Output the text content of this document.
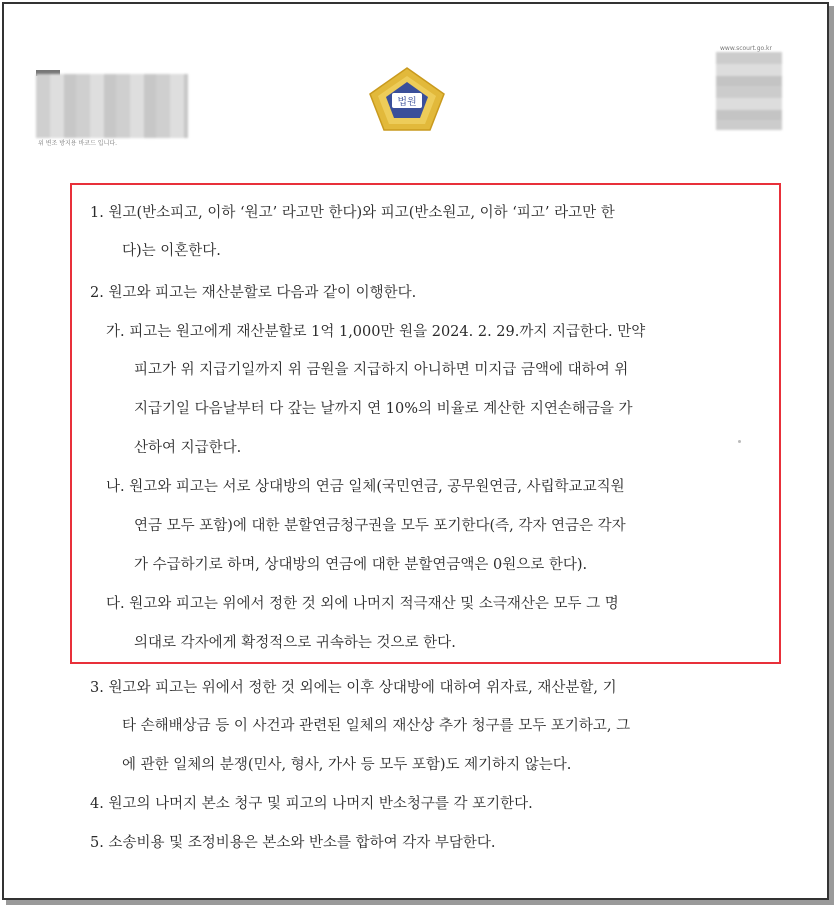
위 변조 방지용 바코드 입니다.
www.scourt.go.kr
법원
1. 원고(반소피고, 이하 ‘원고’ 라고만 한다)와 피고(반소원고, 이하 ‘피고’ 라고만 한
다)는 이혼한다.
2. 원고와 피고는 재산분할로 다음과 같이 이행한다.
가. 피고는 원고에게 재산분할로 1억 1,000만 원을 2024. 2. 29.까지 지급한다. 만약
피고가 위 지급기일까지 위 금원을 지급하지 아니하면 미지급 금액에 대하여 위
지급기일 다음날부터 다 갚는 날까지 연 10%의 비율로 계산한 지연손해금을 가
산하여 지급한다.
나. 원고와 피고는 서로 상대방의 연금 일체(국민연금, 공무원연금, 사립학교교직원
연금 모두 포함)에 대한 분할연금청구권을 모두 포기한다(즉, 각자 연금은 각자
가 수급하기로 하며, 상대방의 연금에 대한 분할연금액은 0원으로 한다).
다. 원고와 피고는 위에서 정한 것 외에 나머지 적극재산 및 소극재산은 모두 그 명
의대로 각자에게 확정적으로 귀속하는 것으로 한다.
3. 원고와 피고는 위에서 정한 것 외에는 이후 상대방에 대하여 위자료, 재산분할, 기
타 손해배상금 등 이 사건과 관련된 일체의 재산상 추가 청구를 모두 포기하고, 그
에 관한 일체의 분쟁(민사, 형사, 가사 등 모두 포함)도 제기하지 않는다.
4. 원고의 나머지 본소 청구 및 피고의 나머지 반소청구를 각 포기한다.
5. 소송비용 및 조정비용은 본소와 반소를 합하여 각자 부담한다.
